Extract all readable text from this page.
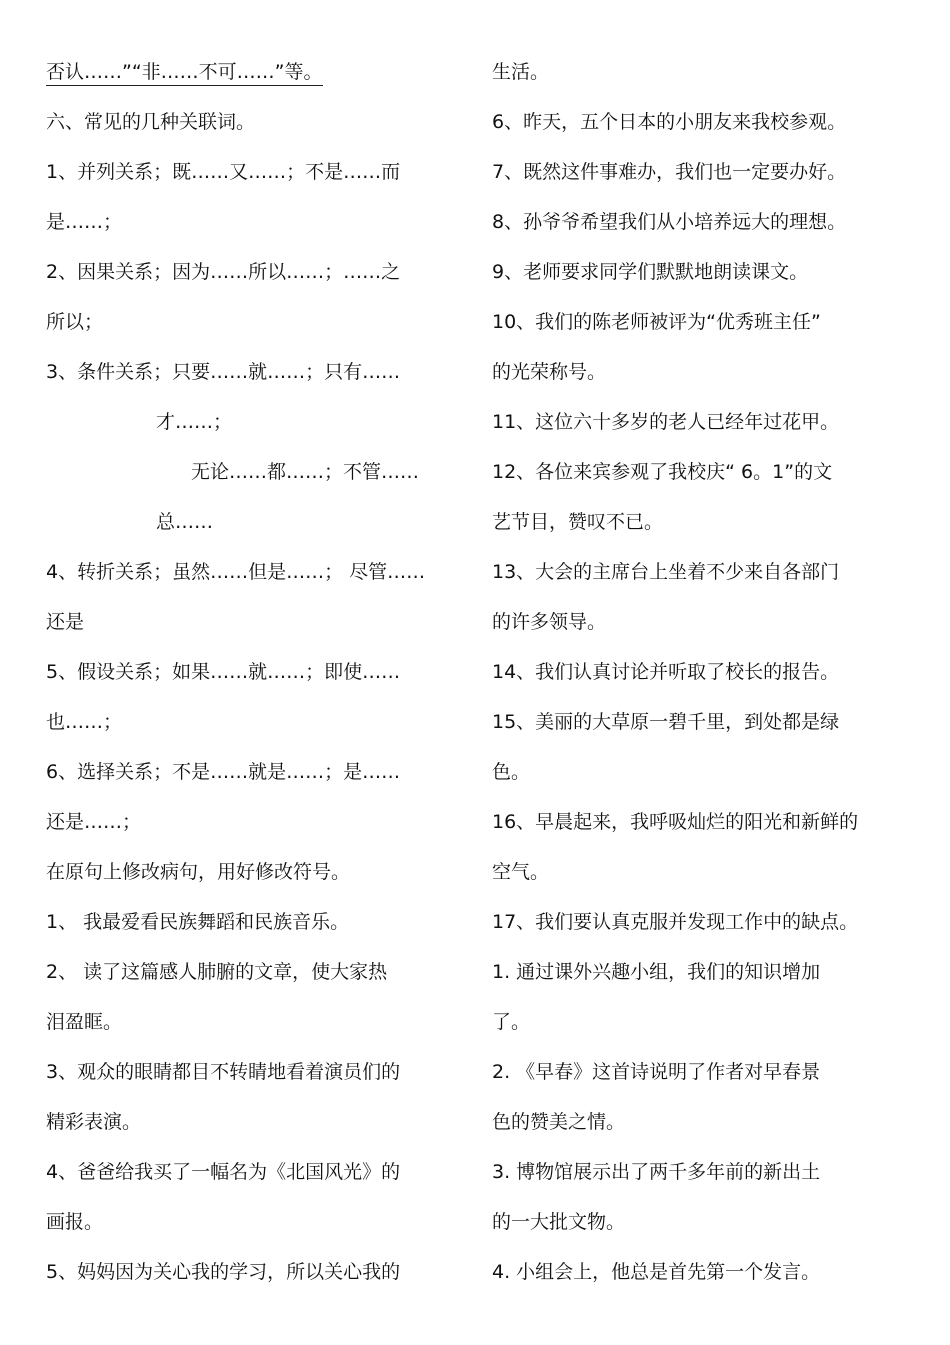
否认……”“非……不可……”等。
六、常见的几种关联词。
1、并列关系；既……又……；不是……而
是……；
2、因果关系；因为……所以……；……之
所以；
3、条件关系；只要……就……；只有……
才……；
无论……都……；不管……
总……
4、转折关系；虽然……但是……； 尽管……
还是
5、假设关系；如果……就……；即使……
也……；
6、选择关系；不是……就是……；是……
还是……；
在原句上修改病句，用好修改符号。
1、 我最爱看民族舞蹈和民族音乐。
2、 读了这篇感人肺腑的文章，使大家热
泪盈眶。
3、观众的眼睛都目不转睛地看着演员们的
精彩表演。
4、爸爸给我买了一幅名为《北国风光》的
画报。
5、妈妈因为关心我的学习，所以关心我的
生活。
6、昨天，五个日本的小朋友来我校参观。
7、既然这件事难办，我们也一定要办好。
8、孙爷爷希望我们从小培养远大的理想。
9、老师要求同学们默默地朗读课文。
10、我们的陈老师被评为“优秀班主任”
的光荣称号。
11、这位六十多岁的老人已经年过花甲。
12、各位来宾参观了我校庆“ 6。1”的文
艺节目，赞叹不已。
13、大会的主席台上坐着不少来自各部门
的许多领导。
14、我们认真讨论并听取了校长的报告。
15、美丽的大草原一碧千里，到处都是绿
色。
16、早晨起来，我呼吸灿烂的阳光和新鲜的
空气。
17、我们要认真克服并发现工作中的缺点。
1. 通过课外兴趣小组，我们的知识增加
了。
2. 《早春》这首诗说明了作者对早春景
色的赞美之情。
3. 博物馆展示出了两千多年前的新出土
的一大批文物。
4. 小组会上，他总是首先第一个发言。
